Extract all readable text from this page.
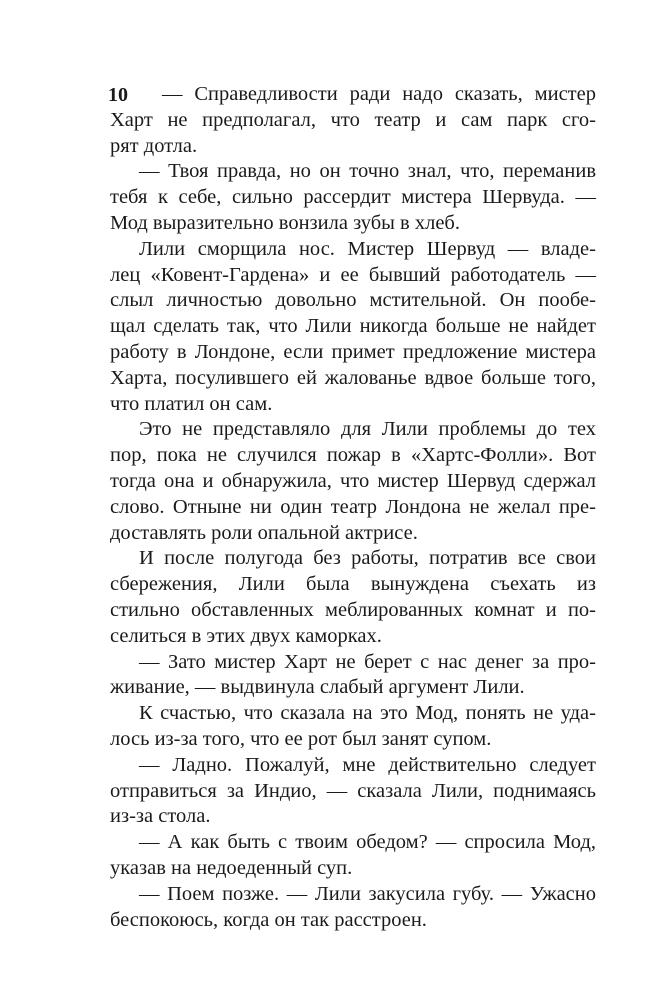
10	— Справедливости ради надо сказать, мистер
Харт не предполагал, что театр и сам парк сго-
рят дотла.
— Твоя правда, но он точно знал, что, переманив
тебя к себе, сильно рассердит мистера Шервуда. —
Мод выразительно вонзила зубы в хлеб.
Лили сморщила нос. Мистер Шервуд — владе-
лец «Ковент-Гардена» и ее бывший работодатель —
слыл личностью довольно мстительной. Он пообе-
щал сделать так, что Лили никогда больше не найдет
работу в Лондоне, если примет предложение мистера
Харта, посулившего ей жалованье вдвое больше того,
что платил он сам.
Это не представляло для Лили проблемы до тех
пор, пока не случился пожар в «Хартс-Фолли». Вот
тогда она и обнаружила, что мистер Шервуд сдержал
слово. Отныне ни один театр Лондона не желал пре-
доставлять роли опальной актрисе.
И после полугода без работы, потратив все свои
сбережения, Лили была вынуждена съехать из
стильно обставленных меблированных комнат и по-
селиться в этих двух каморках.
— Зато мистер Харт не берет с нас денег за про-
живание, — выдвинула слабый аргумент Лили.
К счастью, что сказала на это Мод, понять не уда-
лось из-за того, что ее рот был занят супом.
— Ладно. Пожалуй, мне действительно следует
отправиться за Индио, — сказала Лили, поднимаясь
из-за стола.
— А как быть с твоим обедом? — спросила Мод,
указав на недоеденный суп.
— Поем позже. — Лили закусила губу. — Ужасно
беспокоюсь, когда он так расстроен.
